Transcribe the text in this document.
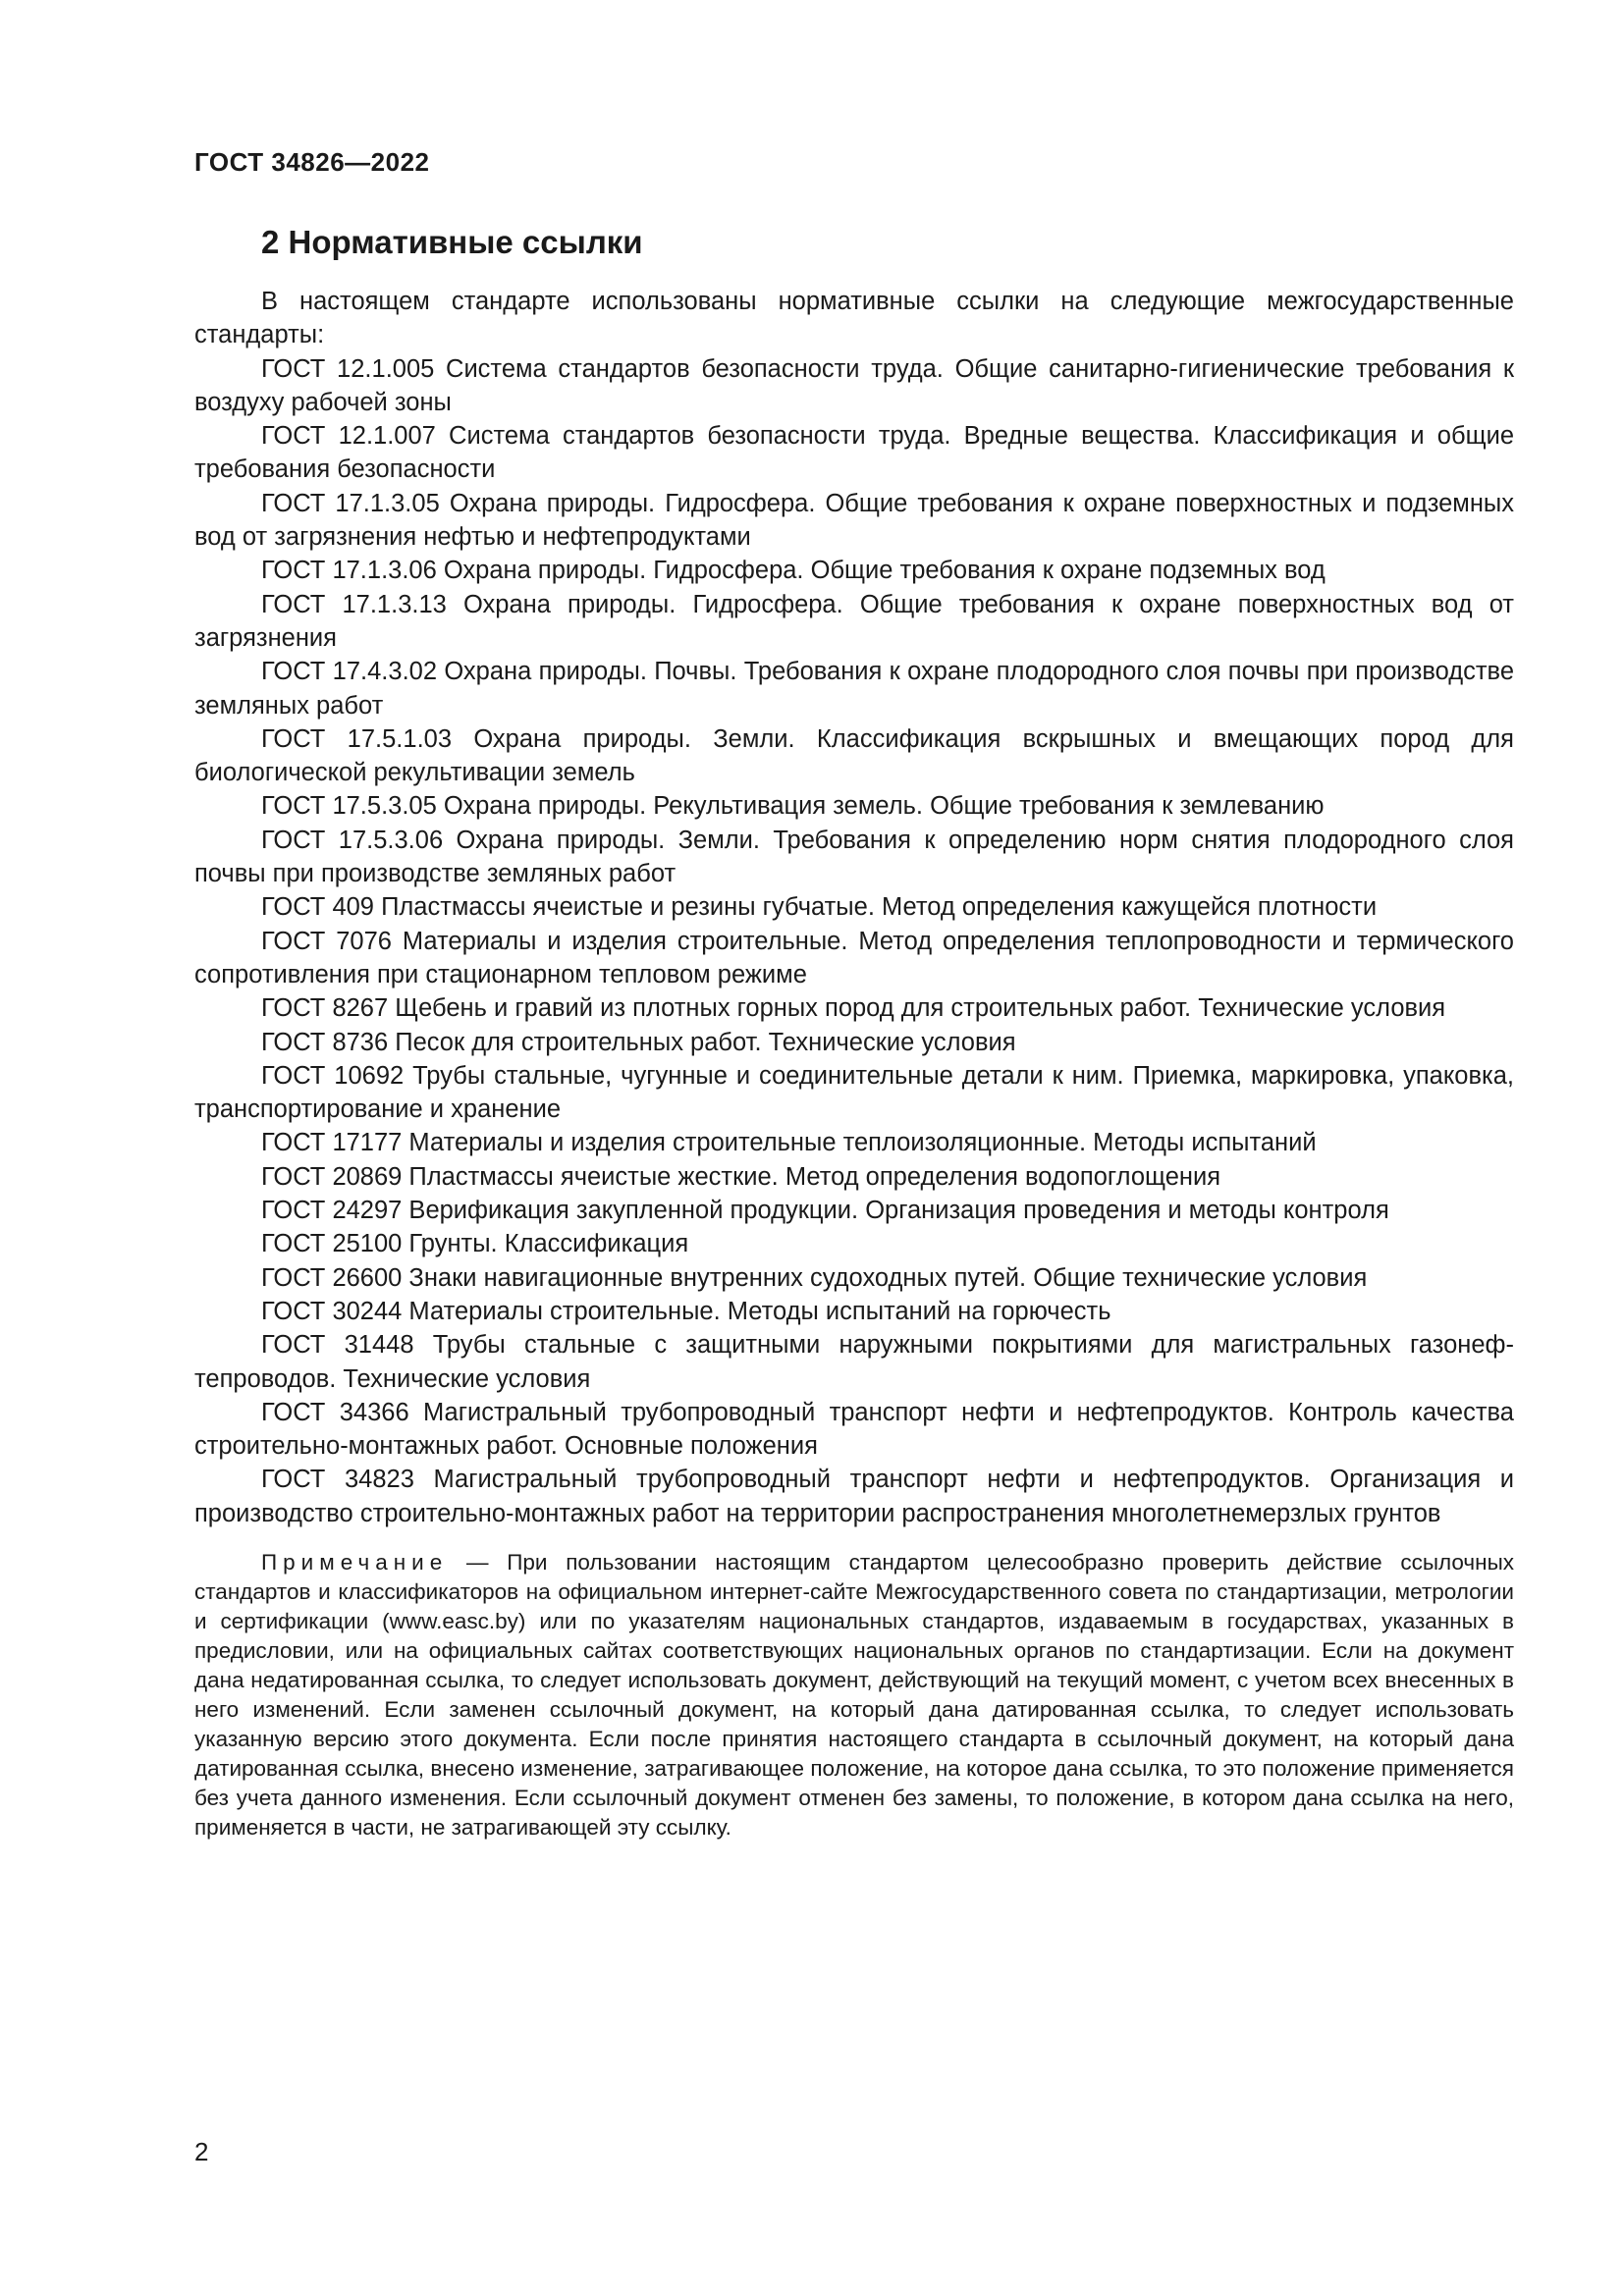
ГОСТ 34826—2022
2 Нормативные ссылки

В настоящем стандарте использованы нормативные ссылки на следующие межгосударственные стандарты:

ГОСТ 12.1.005 Система стандартов безопасности труда. Общие санитарно-гигиенические требования к воздуху рабочей зоны

ГОСТ 12.1.007 Система стандартов безопасности труда. Вредные вещества. Классификация и общие требования безопасности

ГОСТ 17.1.3.05 Охрана природы. Гидросфера. Общие требования к охране поверхностных и подземных вод от загрязнения нефтью и нефтепродуктами

ГОСТ 17.1.3.06 Охрана природы. Гидросфера. Общие требования к охране подземных вод

ГОСТ 17.1.3.13 Охрана природы. Гидросфера. Общие требования к охране поверхностных вод от загрязнения

ГОСТ 17.4.3.02 Охрана природы. Почвы. Требования к охране плодородного слоя почвы при производстве земляных работ

ГОСТ 17.5.1.03 Охрана природы. Земли. Классификация вскрышных и вмещающих пород для биологической рекультивации земель

ГОСТ 17.5.3.05 Охрана природы. Рекультивация земель. Общие требования к землеванию

ГОСТ 17.5.3.06 Охрана природы. Земли. Требования к определению норм снятия плодородного слоя почвы при производстве земляных работ

ГОСТ 409 Пластмассы ячеистые и резины губчатые. Метод определения кажущейся плотности

ГОСТ 7076 Материалы и изделия строительные. Метод определения теплопроводности и термического сопротивления при стационарном тепловом режиме

ГОСТ 8267 Щебень и гравий из плотных горных пород для строительных работ. Технические условия

ГОСТ 8736 Песок для строительных работ. Технические условия

ГОСТ 10692 Трубы стальные, чугунные и соединительные детали к ним. Приемка, маркировка, упаковка, транспортирование и хранение

ГОСТ 17177 Материалы и изделия строительные теплоизоляционные. Методы испытаний

ГОСТ 20869 Пластмассы ячеистые жесткие. Метод определения водопоглощения

ГОСТ 24297 Верификация закупленной продукции. Организация проведения и методы контроля

ГОСТ 25100 Грунты. Классификация

ГОСТ 26600 Знаки навигационные внутренних судоходных путей. Общие технические условия

ГОСТ 30244 Материалы строительные. Методы испытаний на горючесть

ГОСТ 31448 Трубы стальные с защитными наружными покрытиями для магистральных газонефтепроводов. Технические условия

ГОСТ 34366 Магистральный трубопроводный транспорт нефти и нефтепродуктов. Контроль качества строительно-монтажных работ. Основные положения

ГОСТ 34823 Магистральный трубопроводный транспорт нефти и нефтепродуктов. Организация и производство строительно-монтажных работ на территории распространения многолетнемерзлых грунтов

Примечание — При пользовании настоящим стандартом целесообразно проверить действие ссылочных стандартов и классификаторов на официальном интернет-сайте Межгосударственного совета по стандартизации, метрологии и сертификации (www.easc.by) или по указателям национальных стандартов, издаваемым в государствах, указанных в предисловии, или на официальных сайтах соответствующих национальных органов по стандартизации. Если на документ дана недатированная ссылка, то следует использовать документ, действующий на текущий момент, с учетом всех внесенных в него изменений. Если заменен ссылочный документ, на который дана датированная ссылка, то следует использовать указанную версию этого документа. Если после принятия настоящего стандарта в ссылочный документ, на который дана датированная ссылка, внесено изменение, затрагивающее положение, на которое дана ссылка, то это положение применяется без учета данного изменения. Если ссылочный документ отменен без замены, то положение, в котором дана ссылка на него, применяется в части, не затрагивающей эту ссылку.

2
